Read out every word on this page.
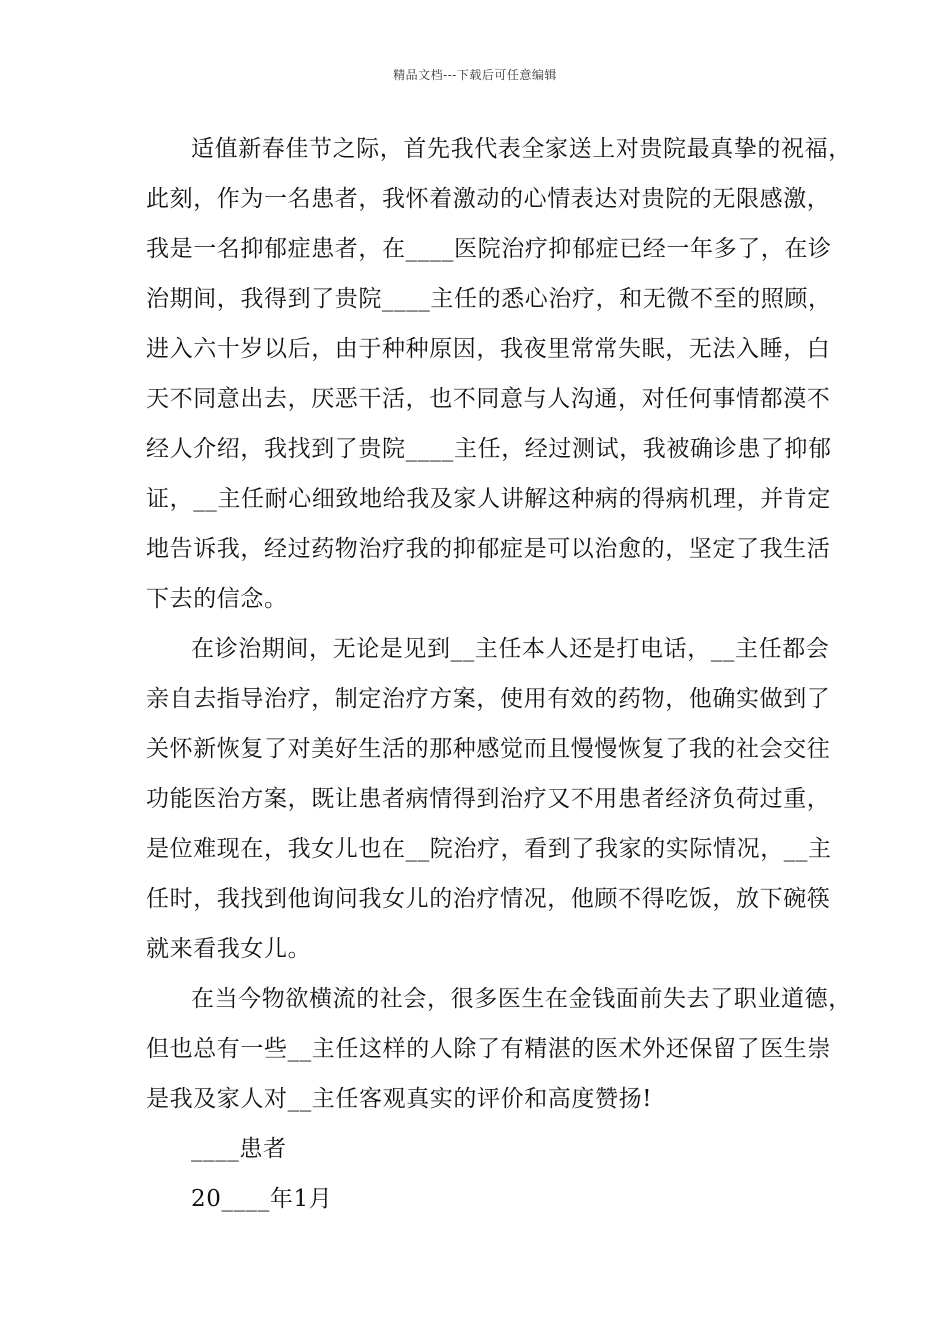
精品文档---下载后可任意编辑
适值新春佳节之际，首先我代表全家送上对贵院最真挚的祝福，
此刻，作为一名患者，我怀着激动的心情表达对贵院的无限感激，
我是一名抑郁症患者，在____医院治疗抑郁症已经一年多了，在诊
治期间，我得到了贵院____主任的悉心治疗，和无微不至的照顾，
进入六十岁以后，由于种种原因，我夜里常常失眠，无法入睡，白
天不同意出去，厌恶干活，也不同意与人沟通，对任何事情都漠不
经人介绍，我找到了贵院____主任，经过测试，我被确诊患了抑郁
证，__主任耐心细致地给我及家人讲解这种病的得病机理，并肯定
地告诉我，经过药物治疗我的抑郁症是可以治愈的，坚定了我生活
下去的信念。
在诊治期间，无论是见到__主任本人还是打电话，__主任都会
亲自去指导治疗，制定治疗方案，使用有效的药物，他确实做到了
关怀新恢复了对美好生活的那种感觉而且慢慢恢复了我的社会交往
功能医治方案，既让患者病情得到治疗又不用患者经济负荷过重，
是位难现在，我女儿也在__院治疗，看到了我家的实际情况，__主
任时，我找到他询问我女儿的治疗情况，他顾不得吃饭，放下碗筷
就来看我女儿。
在当今物欲横流的社会，很多医生在金钱面前失去了职业道德，
但也总有一些__主任这样的人除了有精湛的医术外还保留了医生崇
是我及家人对__主任客观真实的评价和高度赞扬!
____患者
20____年1月
